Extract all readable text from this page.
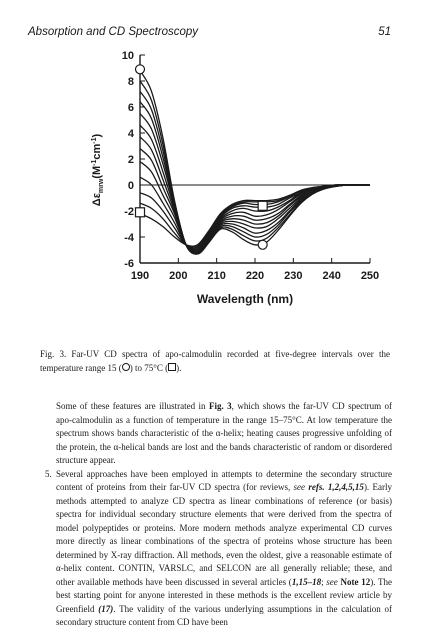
Absorption and CD Spectroscopy	51
10
8
6
4
2
0
-2
-4
-6
190 200 210 220 230 240 250
Wavelength (nm)
$\Delta\varepsilon_{mrw}(M^{-1}cm^{-1})$
Fig. 3. Far-UV CD spectra of apo-calmodulin recorded at five-degree intervals over the temperature range 15 ( ) to 75°C ( ).

Some of these features are illustrated in Fig. 3, which shows the far-UV CD spectrum of apo-calmodulin as a function of temperature in the range 15–75°C. At low temperature the spectrum shows bands characteristic of the α-helix; heating causes progressive unfolding of the protein, the α-helical bands are lost and the bands characteristic of random or disordered structure appear.

5. Several approaches have been employed in attempts to determine the secondary structure content of proteins from their far-UV CD spectra (for reviews, see refs. 1,2,4,5,15). Early methods attempted to analyze CD spectra as linear combinations of reference (or basis) spectra for individual secondary structure elements that were derived from the spectra of model polypeptides or proteins. More modern methods analyze experimental CD curves more directly as linear combinations of the spectra of proteins whose structure has been determined by X-ray diffraction. All methods, even the oldest, give a reasonable estimate of α-helix content. CONTIN, VARSLC, and SELCON are all generally reliable; these, and other available methods have been discussed in several articles (1,15–18; see Note 12). The best starting point for anyone interested in these methods is the excellent review article by Greenfield (17). The validity of the various underlying assumptions in the calculation of secondary structure content from CD have been
